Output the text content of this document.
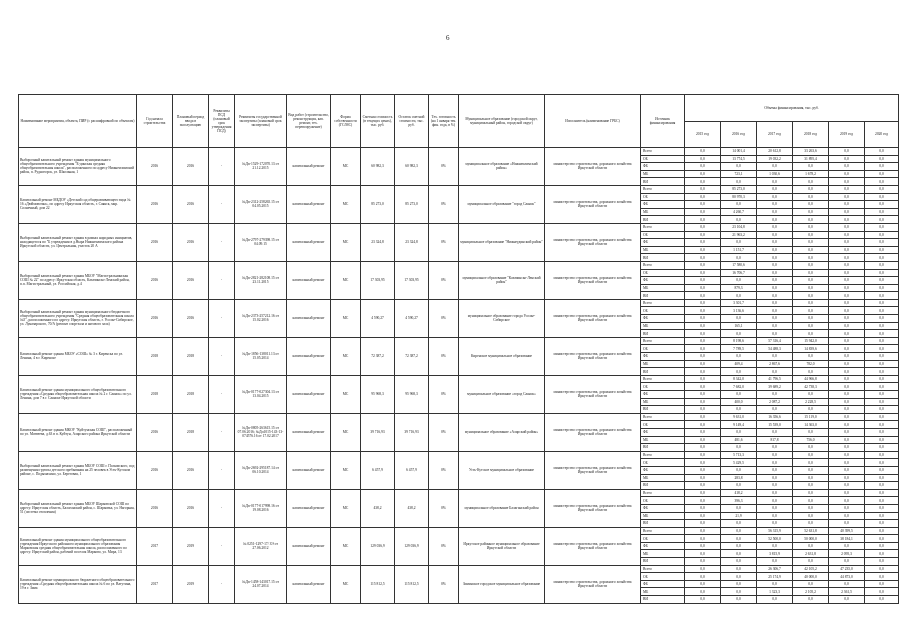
6
Наименование мероприятия, объекта, ПИР (с расшифровкой по объектам)	Год начала строительства	Плановый период ввода в эксплуатацию	Реквизиты ПСД (плановый срок утверждения ПСД)	Реквизиты государственной экспертизы (плановый срок экспертизы)	Вид работ (строительство, реконструкция, кап. ремонт, тех. перевооружение)	Форма собственности (ГС/МС)	Сметная стоимость (в текущих ценах), тыс. руб.	Остаток сметной стоимости, тыс. руб.	Тех. готовность (на 1 января тек. фин. года, в %)	Муниципальное образование (городской округ, муниципальный район, городской округ)	Исполнитель (наименование ГРБС)	Источник финансирования	Объемы финансирования, тыс. руб.					
													2015 год	2016 год	2017 год	2018 год	2019 год	2020 год
Выборочный капитальный ремонт здания муниципального общеобразовательного учреждения "Б-динская средняя общеобразовательная школа", расположенного по адресу Нижнеилимский район, п. Рудногорск, ул. Школьная, 1	2016	2016	-	№Дп-1529-172070.13 от 21.12.2015	капитальный ремонт	МС	60 982,3	60 982,3	0%	муниципальное образование «Нижнеилимский район»	министерство строительства, дорожного хозяйства Иркутской области	Всего	0,0	14 001,4	20 612,8	33 263,6	0,0	0,0
												ОБ	0,0	13 774,5	19 032,2	31 895,4	0,0	0,0
												ФБ	0,0	0,0	0,0	0,0	0,0	0,0
												МБ	0,0	723,1	1 030,6	1 678,2	0,0	0,0
												ВИ	0,0	0,0	0,0	0,0	0,0	0,0
Капитальный ремонт МБДОУ «Детский сад общеразвивающего вида № 16 «Дюймовочка», по адресу Иркутская область, г. Саянск, мкр. Солнечный, дом 22	2016	2016	-	№Дп-2312-258265.15 от 04.05.2015	капитальный ремонт	МС	85 273,0	85 273,0	0%	муниципальное образование "город Саянск"	министерство строительства, дорожного хозяйства Иркутской области	Всего	0,0	85 273,0	0,0	0,0	0,0	0,0
												ОБ	0,0	80 970,3	0,0	0,0	0,0	0,0
												ФБ	0,0	0,0	0,0	0,0	0,0	0,0
												МБ	0,0	4 260,7	0,0	0,0	0,0	0,0
												ВИ	0,0	0,0	0,0	0,0	0,0	0,0
Выборочный капитальный ремонт здания в рамках народных инициатив, находящегося по "Б учреждения в д.Ныра Нижнеилимского района Иркутской области, ул. Центральная, участок 20 А	2016	2016	-	№Дп-2797-279398.15 от 04.09.15	капитальный ремонт	МС	23 324,8	23 324,8	0%	муниципальное образование "Нижнеудинский район"	министерство строительства, дорожного хозяйства Иркутской области	Всего	0,0	23 104,8	0,0	0,0	0,0	0,0
												ОБ	0,0	21 963,2	0,0	0,0	0,0	0,0
												ФБ	0,0	0,0	0,0	0,0	0,0	0,0
												МБ	0,0	1 151,7	0,0	0,0	0,0	0,0
												ВИ	0,0	0,0	0,0	0,0	0,0	0,0
Выборочный капитальный ремонт здания МБОУ "Магистральнинская СОШ № 22" по адресу: Иркутская область, Казачинско-Ленский район, п.п. Магистральный, ул. Российская, д.4	2016	2016	-	№Дп-2821-282108.15 от 23.11.2015	капитальный ремонт	МС	17 303,95	17 303,95	0%	муниципальное образование "Казачинско-Ленский район"	министерство строительства, дорожного хозяйства Иркутской области	Всего	0,0	17 580,6	0,0	0,0	0,0	0,0
												ОБ	0,0	16 706,7	0,0	0,0	0,0	0,0
												ФБ	0,0	0,0	0,0	0,0	0,0	0,0
												МБ	0,0	879,3	0,0	0,0	0,0	0,0
												ВИ	0,0	0,0	0,0	0,0	0,0	0,0
Выборочный капитальный ремонт здания муниципального бюджетного общеобразовательного учреждения "Средняя общеобразовательная школа №5", расположенного по адресу: Иркутская область, г. Усолье-Сибирское, ул. Луначарского, 70/А (ремонт спортзала и актового зала)	2016	2016	-	№Дп-2373-257212.16 от 15.02.2016	капитальный ремонт	МС	4 590,27	4 590,27	0%	муниципальное образование города Усолье-Сибирское	министерство строительства, дорожного хозяйства Иркутской области	Всего	0,0	3 301,7	0,0	0,0	0,0	0,0
												ОБ	0,0	3 136,6	0,0	0,0	0,0	0,0
												ФБ	0,0	0,0	0,0	0,0	0,0	0,0
												МБ	0,0	165,1	0,0	0,0	0,0	0,0
												ВИ	0,0	0,0	0,0	0,0	0,0	0,0
Капитальный ремонт здания МБОУ «СОШ» № 3 г. Киренска по ул. Ленина, 4 в г. Киренске	2018	2018	-	№Дп-1856-138011.13 от 15.05.2014	капитальный ремонт	МС	72 387,2	72 387,2	0%	Киренское муниципальное образование	министерство строительства, дорожного хозяйства Иркутской области	Всего	0,0	8 198,6	57 316,4	15 942,0	0,0	0,0
												ОБ	0,0	7 789,5	54 488,3	14 839,6	0,0	0,0
												ФБ	0,0	0,0	0,0	0,0	0,0	0,0
												МБ	0,0	409,4	2 867,6	782,0	0,0	0,0
												ВИ	0,0	0,0	0,0	0,0	0,0	0,0
Капитальный ремонт здания муниципального общеобразовательного учреждения «Средняя общеобразовательная школа № 2 г. Саянск» по ул. Ленина, дом 7 в г. Саянске Иркутской области	2018	2018	-	№Дп-0177-027304.13 от 13.04.2015	капитальный ремонт	МС	95 968,3	95 968,3	0%	муниципальное образование «город Саянск»	министерство строительства, дорожного хозяйства Иркутской области	Всего	0,0	8 342,0	41 796,5	44 966,8	0,0	0,0
												ОБ	0,0	7 682,0	39 689,2	42 738,3	0,0	0,0
												ФБ	0,0	0,0	0,0	0,0	0,0	0,0
												МБ	0,0	400,0	2 087,2	2 228,5	0,0	0,0
												ВИ	0,0	0,0	0,0	0,0	0,0	0,0
Капитальный ремонт здания МКОУ "Куйтунская СОШ", расположенный по ул. Матвеева, д.63 в п. Куйтун, Аларского района Иркутской области	2016	2018	-	№Дп-0805-263615.15 от 07.06.2016; №Дп1015-143-13-074576.16 от 17.02.2017	капитальный ремонт	МС	39 716,93	39 716,93	0%	муниципальное образование «Аларский район»	министерство строительства, дорожного хозяйства Иркутской области	Всего	0,0	9 631,0	16 356,6	15 119,0	0,0	0,0
												ОБ	0,0	9 149,4	15 539,0	14 363,0	0,0	0,0
												ФБ	0,0	0,0	0,0	0,0	0,0	0,0
												МБ	0,0	481,6	817,8	756,0	0,0	0,0
												ВИ	0,0	0,0	0,0	0,0	0,0	0,0
Выборочный капитальный ремонт здания МБОУ СОШ г. Полымского, под размещения группы детского пребывания на 25 человек в Усть-Кутском районе, с. Подымахино, ул. Береговая, 1	2016	2016	-	№Дп-2692-295187.14 от 06.10.2014	капитальный ремонт	МС	6 457,9	6 457,9	0%	Усть-Кутское муниципальное образование	министерство строительства, дорожного хозяйства Иркутской области	Всего	0,0	5 713,3	0,0	0,0	0,0	0,0
												ОБ	0,0	5 429,5	0,0	0,0	0,0	0,0
												ФБ	0,0	0,0	0,0	0,0	0,0	0,0
												МБ	0,0	283,8	0,0	0,0	0,0	0,0
												ВИ	0,0	0,0	0,0	0,0	0,0	0,0
Выборочный капитальный ремонт здания МБОУ Шарковской СОШ по адресу: Иркутская область, Балаганский район, с. Шарковка, ул. Нагорная, 51 (система отопления)	2016	2016	-	№Дп-0177-017998.16 от 19.08.2016	капитальный ремонт	МС	438,2	438,2	0%	муниципальное образование Балаганский район	министерство строительства, дорожного хозяйства Иркутской области	Всего	0,0	418,2	0,0	0,0	0,0	0,0
												ОБ	0,0	396,3	0,0	0,0	0,0	0,0
												ФБ	0,0	0,0	0,0	0,0	0,0	0,0
												МБ	0,0	21,9	0,0	0,0	0,0	0,0
												ВИ	0,0	0,0	0,0	0,0	0,0	0,0
Капитальный ремонт здания муниципального общеобразовательного учреждения Иркутского районного муниципального образования Марковская средняя общеобразовательная школа, расположенного по адресу: Иркутский район, рабочий поселок Марково, ул. Мира, 13	2017	2019	-	№ 0251-1297-17/ ЗЭ от 27.06.2012	капитальный ремонт	МС	129 036,9	129 036,9	0%	Иркутское районное муниципальное образование Иркутской области	министерство строительства, дорожного хозяйства Иркутской области	Всего	0,0	0,0	56 315,9	52 631,8	40 399,5	0,0
												ОБ	0,0	0,0	52 500,0	50 000,0	38 184,1	0,0
												ФБ	0,0	0,0	0,0	0,0	0,0	0,0
												МБ	0,0	0,0	3 815,9	2 631,8	2 095,3	0,0
												ВИ	0,0	0,0	0,0	0,0	0,0	0,0
Капитальный ремонт муниципального бюджетного общеобразовательного учреждения «Средняя общеобразовательная школа № 6 по ул. Ватутина, 19 в г. Зима	2017	2019	-	№Дп-1458-143017.15 от 24.07.2014	капитальный ремонт	МС	115 812,5	115 812,5	0%	Зиминское городское муниципальное образование	министерство строительства, дорожного хозяйства Иркутской области	Всего	0,0	0,0	26 306,7	42 105,2	47 235,0	0,0
												ОБ	0,0	0,0	25 174,9	40 000,0	44 873,0	0,0
												ФБ	0,0	0,0	0,0	0,0	0,0	0,0
												МБ	0,0	0,0	1 323,3	2 105,2	2 361,5	0,0
												ВИ	0,0	0,0	0,0	0,0	0,0	0,0
